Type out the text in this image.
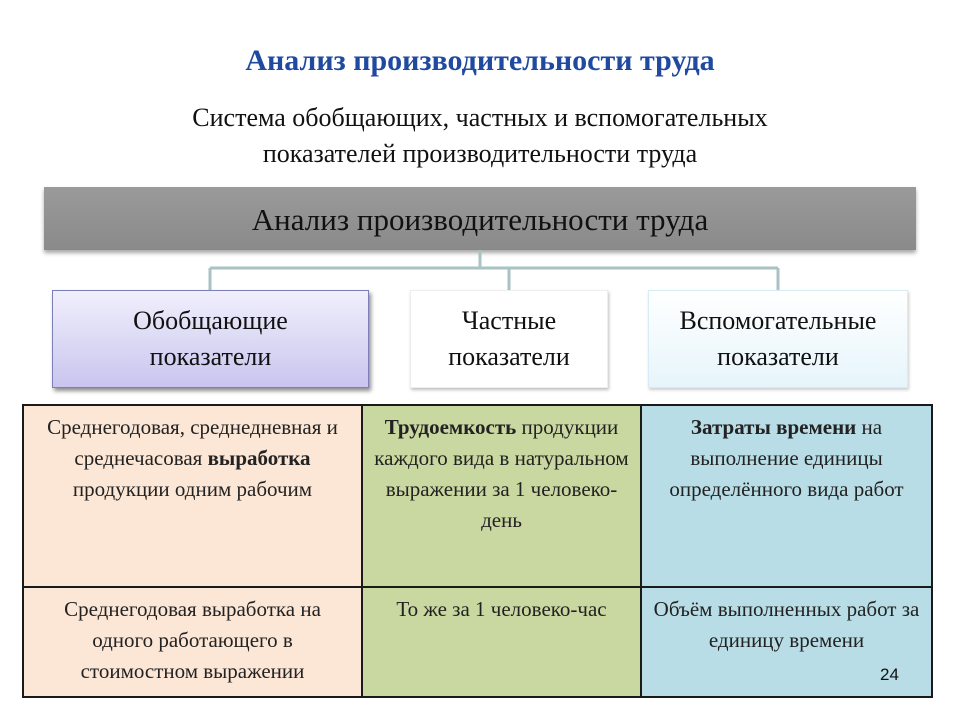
Анализ производительности труда
Система обобщающих, частных и вспомогательных
показателей производительности труда
Анализ производительности труда
Обобщающие
показатели
Частные
показатели
Вспомогательные
показатели
Среднегодовая, среднедневная и среднечасовая выработка продукции одним рабочим	Трудоемкость продукции каждого вида в натуральном выражении за 1 человеко-день	Затраты времени на выполнение единицы определённого вида работ
Среднегодовая выработка на одного работающего в стоимостном выражении	То же за 1 человеко-час	Объём выполненных работ за единицу времени
24
